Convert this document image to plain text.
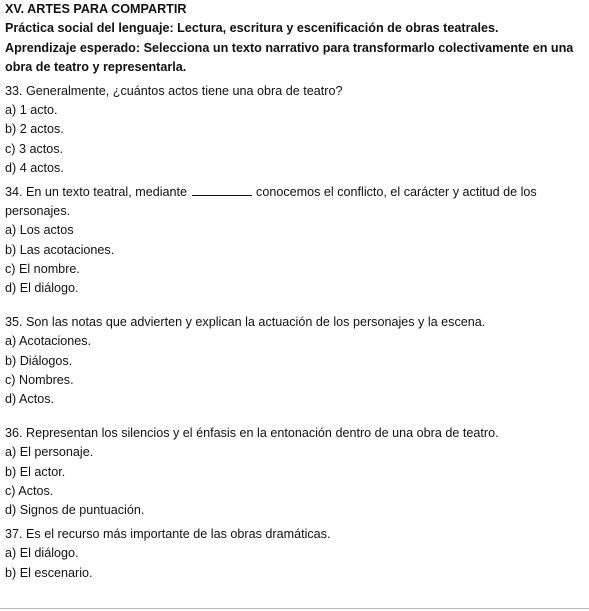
XV. ARTES PARA COMPARTIR
Práctica social del lenguaje: Lectura, escritura y escenificación de obras teatrales.
Aprendizaje esperado: Selecciona un texto narrativo para transformarlo colectivamente en una
obra de teatro y representarla.
33. Generalmente, ¿cuántos actos tiene una obra de teatro?
a) 1 acto.
b) 2 actos.
c) 3 actos.
d) 4 actos.
34. En un texto teatral, mediante	conocemos el conflicto, el carácter y actitud de los
personajes.
a) Los actos
b) Las acotaciones.
c) El nombre.
d) El diálogo.
35. Son las notas que advierten y explican la actuación de los personajes y la escena.
a) Acotaciones.
b) Diálogos.
c) Nombres.
d) Actos.
36. Representan los silencios y el énfasis en la entonación dentro de una obra de teatro.
a) El personaje.
b) El actor.
c) Actos.
d) Signos de puntuación.
37. Es el recurso más importante de las obras dramáticas.
a) El diálogo.
b) El escenario.
